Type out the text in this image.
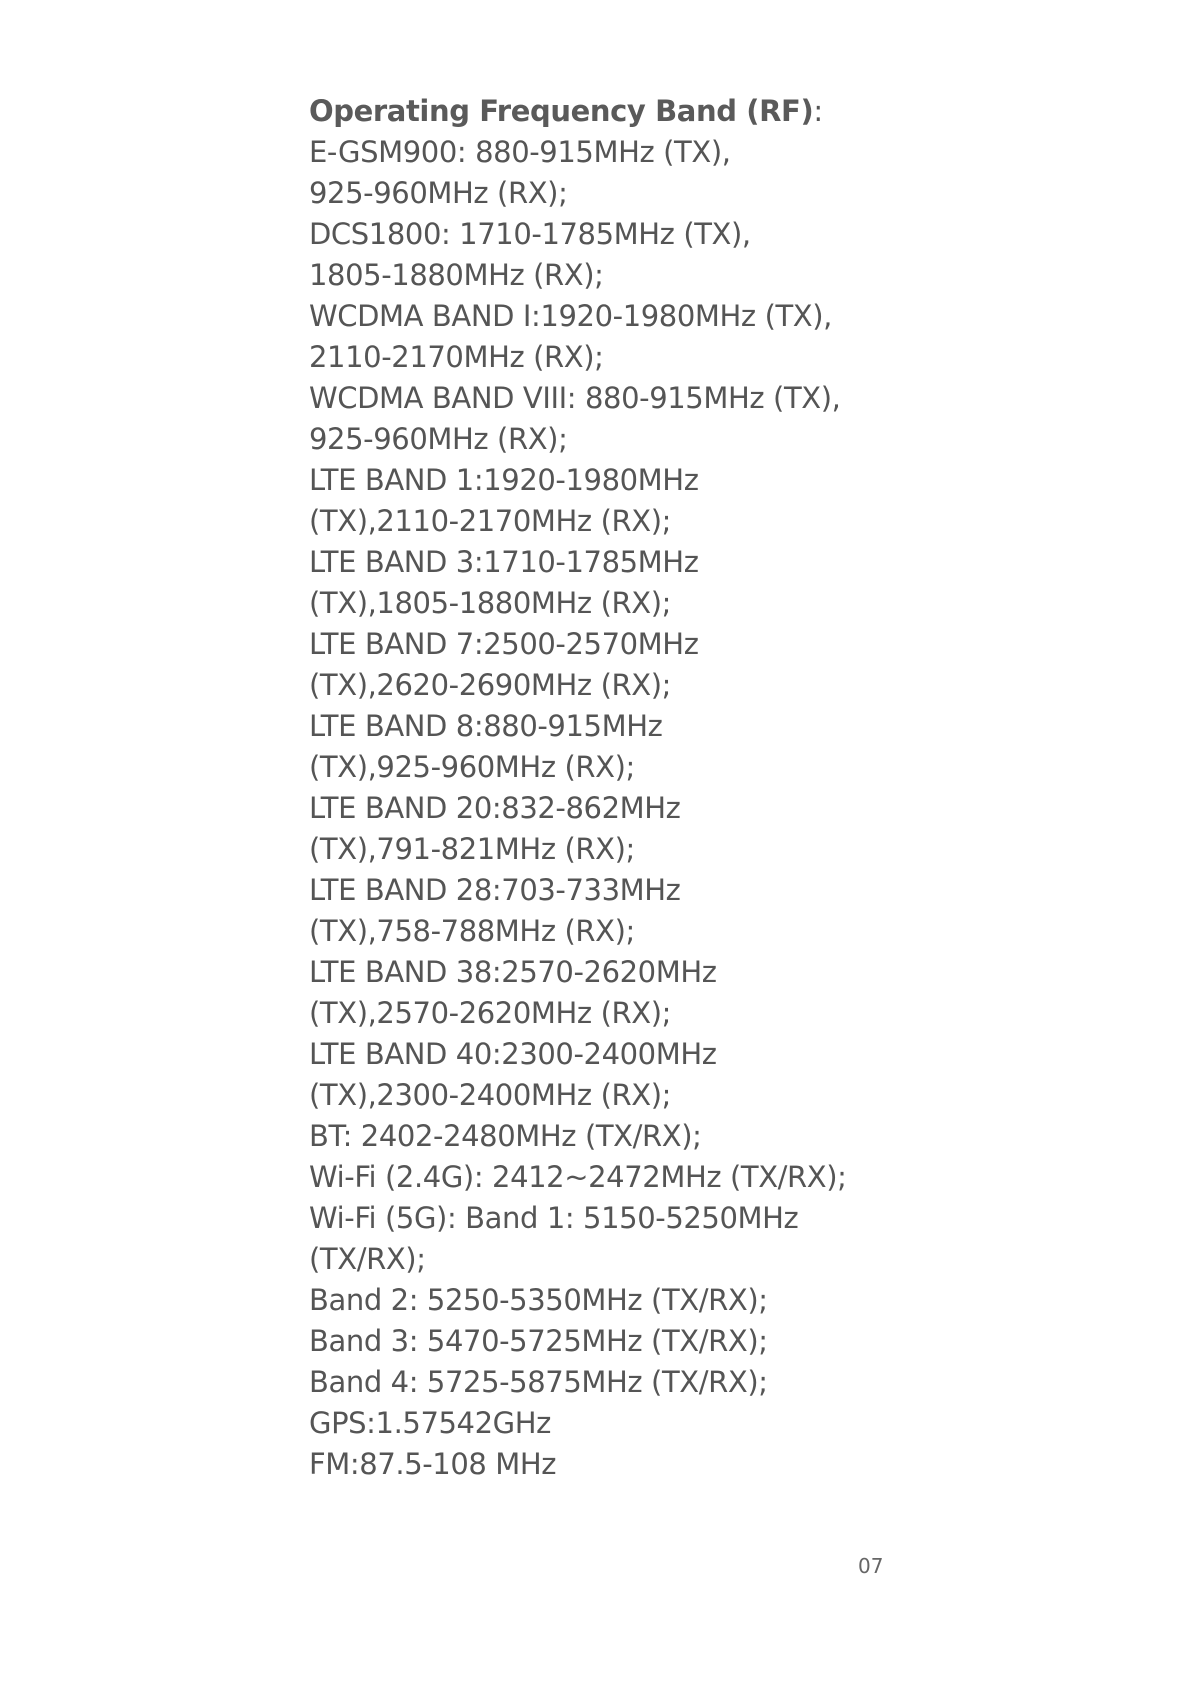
Operating Frequency Band (RF):
E-GSM900: 880-915MHz (TX),
925-960MHz (RX);
DCS1800: 1710-1785MHz (TX),
1805-1880MHz (RX);
WCDMA BAND I:1920-1980MHz (TX),
2110-2170MHz (RX);
WCDMA BAND VIII: 880-915MHz (TX),
925-960MHz (RX);
LTE BAND 1:1920-1980MHz
(TX),2110-2170MHz (RX);
LTE BAND 3:1710-1785MHz
(TX),1805-1880MHz (RX);
LTE BAND 7:2500-2570MHz
(TX),2620-2690MHz (RX);
LTE BAND 8:880-915MHz
(TX),925-960MHz (RX);
LTE BAND 20:832-862MHz
(TX),791-821MHz (RX);
LTE BAND 28:703-733MHz
(TX),758-788MHz (RX);
LTE BAND 38:2570-2620MHz
(TX),2570-2620MHz (RX);
LTE BAND 40:2300-2400MHz
(TX),2300-2400MHz (RX);
BT: 2402-2480MHz (TX/RX);
Wi-Fi (2.4G): 2412~2472MHz (TX/RX);
Wi-Fi (5G): Band 1: 5150-5250MHz
(TX/RX);
Band 2: 5250-5350MHz (TX/RX);
Band 3: 5470-5725MHz (TX/RX);
Band 4: 5725-5875MHz (TX/RX);
GPS:1.57542GHz
FM:87.5-108 MHz
07
